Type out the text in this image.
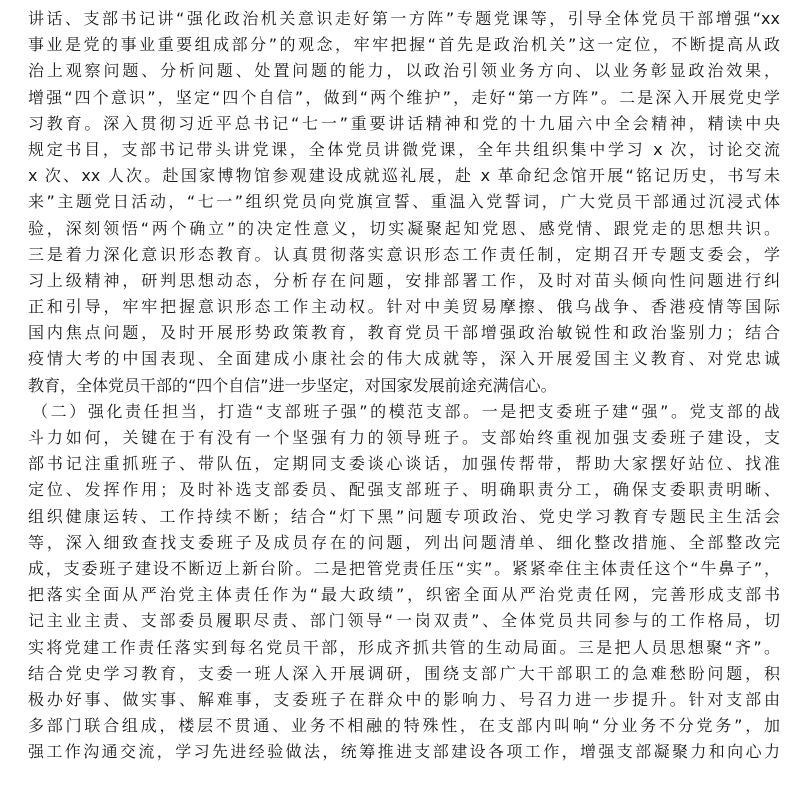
讲话、支部书记讲“强化政治机关意识走好第一方阵”专题党课等，引导全体党员干部增强“xx
事业是党的事业重要组成部分”的观念，牢牢把握“首先是政治机关”这一定位，不断提高从政
治上观察问题、分析问题、处置问题的能力，以政治引领业务方向、以业务彰显政治效果，
增强“四个意识”，坚定“四个自信”，做到“两个维护”，走好“第一方阵”。二是深入开展党史学
习教育。深入贯彻习近平总书记“七一”重要讲话精神和党的十九届六中全会精神，精读中央
规定书目，支部书记带头讲党课，全体党员讲微党课，全年共组织集中学习 x 次，讨论交流
x 次、xx 人次。赴国家博物馆参观建设成就巡礼展，赴 x 革命纪念馆开展“铭记历史，书写未
来”主题党日活动，“七一”组织党员向党旗宣誓、重温入党誓词，广大党员干部通过沉浸式体
验，深刻领悟“两个确立”的决定性意义，切实凝聚起知党恩、感党情、跟党走的思想共识。
三是着力深化意识形态教育。认真贯彻落实意识形态工作责任制，定期召开专题支委会，学
习上级精神，研判思想动态，分析存在问题，安排部署工作，及时对苗头倾向性问题进行纠
正和引导，牢牢把握意识形态工作主动权。针对中美贸易摩擦、俄乌战争、香港疫情等国际
国内焦点问题，及时开展形势政策教育，教育党员干部增强政治敏锐性和政治鉴别力；结合
疫情大考的中国表现、全面建成小康社会的伟大成就等，深入开展爱国主义教育、对党忠诚
教育，全体党员干部的“四个自信”进一步坚定，对国家发展前途充满信心。
（二）强化责任担当，打造“支部班子强”的模范支部。一是把支委班子建“强”。党支部的战
斗力如何，关键在于有没有一个坚强有力的领导班子。支部始终重视加强支委班子建设，支
部书记注重抓班子、带队伍，定期同支委谈心谈话，加强传帮带，帮助大家摆好站位、找准
定位、发挥作用；及时补选支部委员、配强支部班子、明确职责分工，确保支委职责明晰、
组织健康运转、工作持续不断；结合“灯下黑”问题专项政治、党史学习教育专题民主生活会
等，深入细致查找支委班子及成员存在的问题，列出问题清单、细化整改措施、全部整改完
成，支委班子建设不断迈上新台阶。二是把管党责任压“实”。紧紧牵住主体责任这个“牛鼻子”，
把落实全面从严治党主体责任作为“最大政绩”，织密全面从严治党责任网，完善形成支部书
记主业主责、支部委员履职尽责、部门领导“一岗双责”、全体党员共同参与的工作格局，切
实将党建工作责任落实到每名党员干部，形成齐抓共管的生动局面。三是把人员思想聚“齐”。
结合党史学习教育，支委一班人深入开展调研，围绕支部广大干部职工的急难愁盼问题，积
极办好事、做实事、解难事，支委班子在群众中的影响力、号召力进一步提升。针对支部由
多部门联合组成，楼层不贯通、业务不相融的特殊性，在支部内叫响“分业务不分党务”，加
强工作沟通交流，学习先进经验做法，统筹推进支部建设各项工作，增强支部凝聚力和向心力
